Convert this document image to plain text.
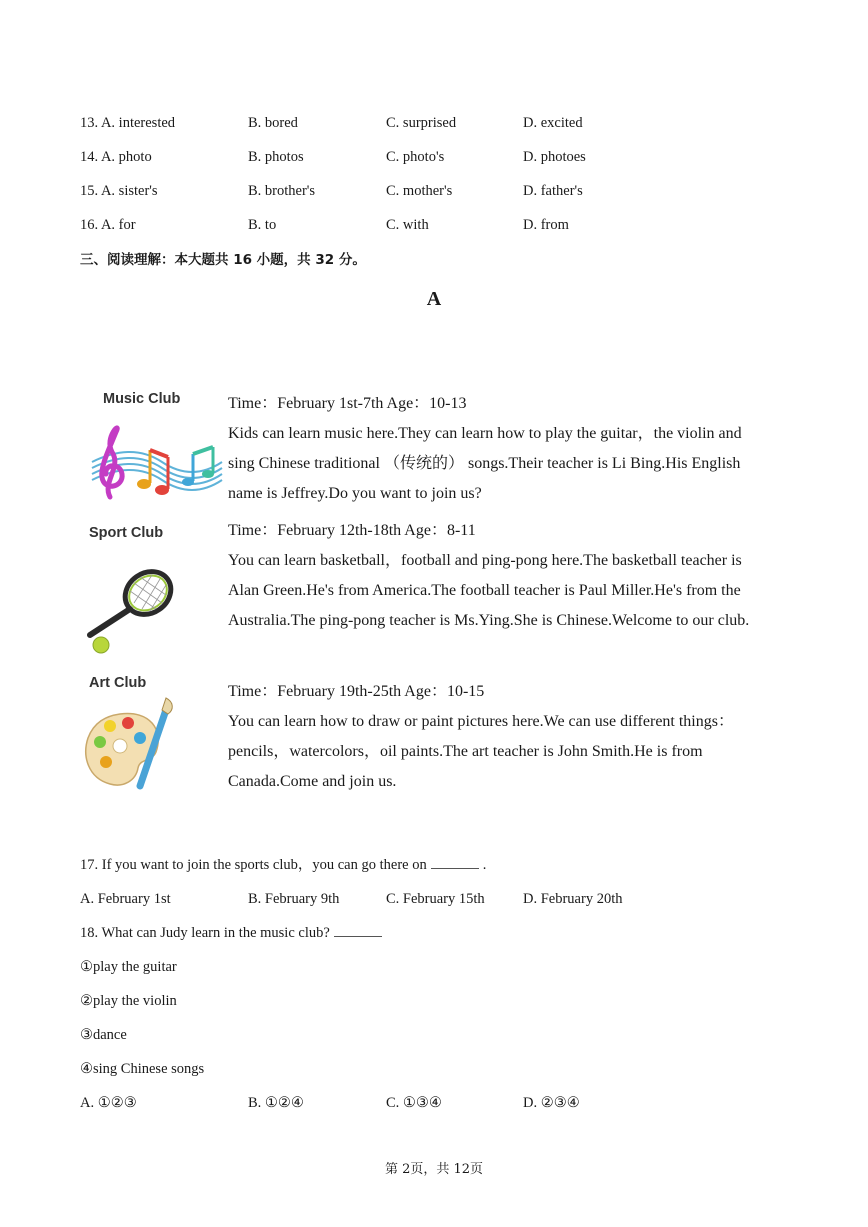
13. A. interested	B. bored	C. surprised	D. excited
14. A. photo	B. photos	C. photo's	D. photoes
15. A. sister's	B. brother's	C. mother's	D. father's
16. A. for	B. to	C. with	D. from
三、阅读理解：本大题共 16 小题，共 32 分。
A
Music Club	Time：February 1st-7th Age：10-13

Kids can learn music here.They can learn how to play the guitar，the violin and sing Chinese traditional （传统的） songs.Their teacher is Li Bing.His English name is Jeffrey.Do you want to join us?

Sport Club	Time：February 12th-18th Age：8-11

You can learn basketball，football and ping-pong here.The basketball teacher is Alan Green.He's from America.The football teacher is Paul Miller.He's from the Australia.The ping-pong teacher is Ms.Ying.She is Chinese.Welcome to our club.

Art Club	Time：February 19th-25th Age：10-15

You can learn how to draw or paint pictures here.We can use different things：pencils，watercolors，oil paints.The art teacher is John Smith.He is from Canada.Come and join us.

17. If you want to join the sports club，you can go there on	.
A. February 1st	B. February 9th	C. February 15th	D. February 20th
18. What can Judy learn in the music club?
①play the guitar
②play the violin
③dance
④sing Chinese songs
A. ①②③	B. ①②④	C. ①③④	D. ②③④
第 2页，共 12页
